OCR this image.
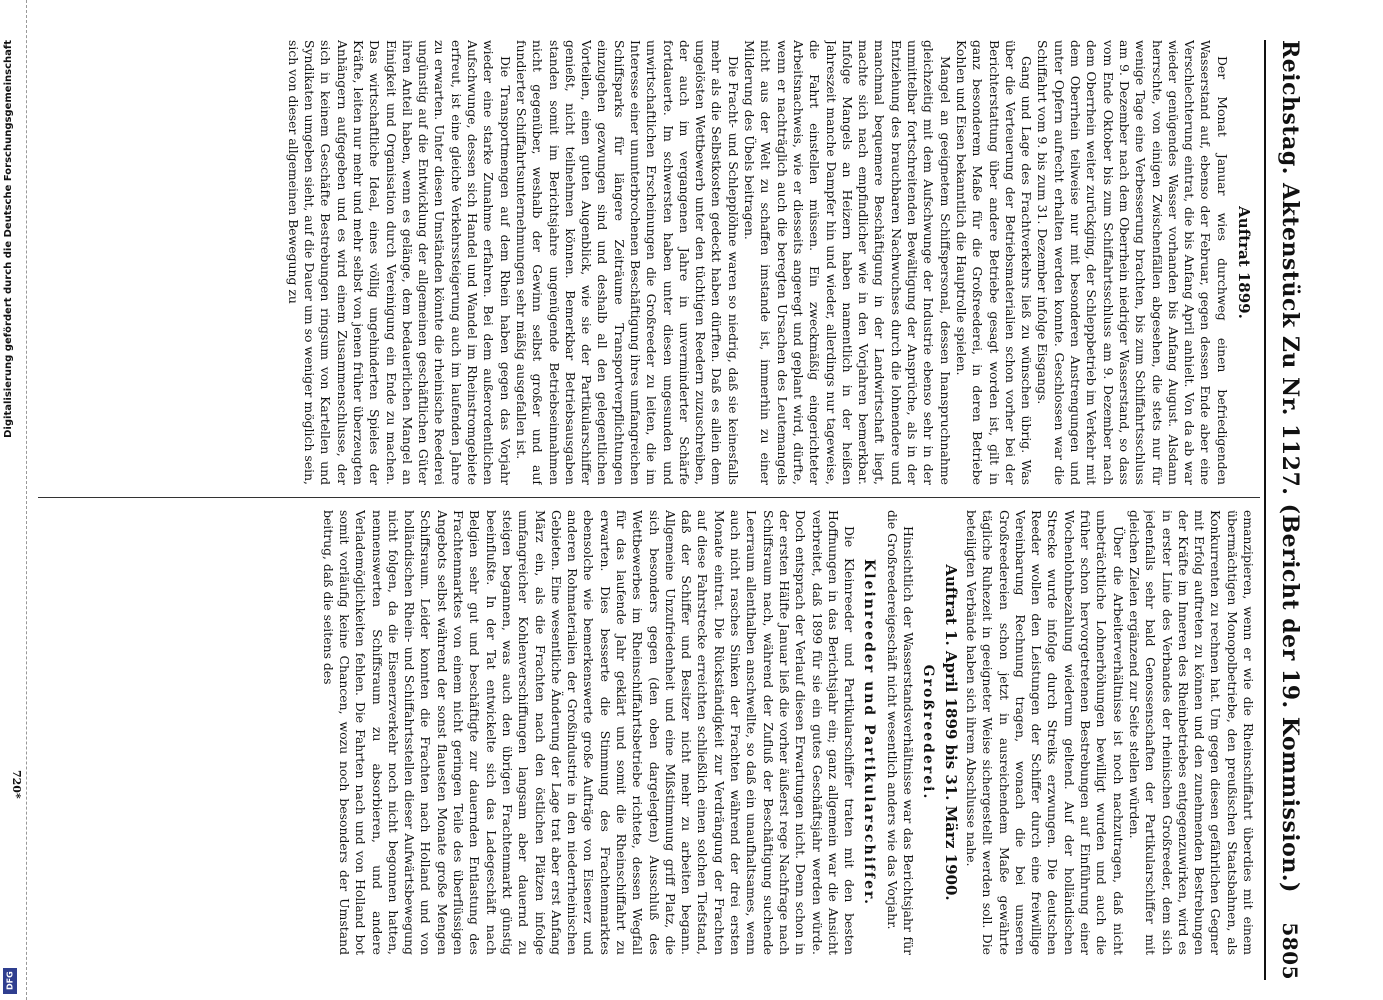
Digitalisierung gefördert durch die Deutsche Forschungsgemeinschaft
DFG
Reichstag. Aktenstück Zu Nr. 1127. (Bericht der 19. Kommission.)
5805
Auftrat 1899.

Der Monat Januar wies durchweg einen befriedigenden Wasserstand auf, ebenso der Februar, gegen dessen Ende aber eine Verschlechterung eintrat, die bis Anfang April anhielt. Von da ab war wieder genügendes Wasser vorhanden bis Anfang August. Alsdann herrschte, von einigen Zwischenfällen abgesehen, die stets nur für wenige Tage eine Verbesserung brachten, bis zum Schiffahrtsschluss am 9. Dezember nach dem Oberrhein niedriger Wasserstand, so dass vom Ende Oktober bis zum Schiffahrtsschluss am 9. Dezember nach dem Oberrhein weiter zurückging, der Schleppbetrieb im Verkehr mit dem Oberrhein teilweise nur mit besonderen Anstrengungen und unter Opfern aufrecht erhalten werden konnte. Geschlossen war die Schiffahrt vom 9. bis zum 31. Dezember infolge Eisgangs.

Gang und Lage des Frachtverkehrs ließ zu wünschen übrig. Was über die Verteuerung der Betriebsmaterialien schon vorher bei der Berichterstattung über andere Betriebe gesagt worden ist, gilt in ganz besonderem Maße für die Großreederei, in deren Betriebe Kohlen und Eisen bekanntlich die Hauptrolle spielen.

Mangel an geeignetem Schiffspersonal, dessen Inanspruchnahme gleichzeitig mit dem Aufschwunge der Industrie ebenso sehr in der unmittelbar fortschreitenden Bewältigung der Ansprüche, als in der Entziehung des brauchbaren Nachwuchses durch die lohnendere und manchmal bequemere Beschäftigung in der Landwirtschaft liegt, machte sich nach empfindlicher wie in den Vorjahren bemerkbar. Infolge Mangels an Heizern haben namentlich in der heißen Jahreszeit manche Dampfer hin und wieder, allerdings nur tageweise, die Fahrt einstellen müssen. Ein zweckmäßig eingerichteter Arbeitsnachweis, wie er diesseits angeregt und geplant wird, dürfte, wenn er nachträglich auch die beregten Ursachen des Leutemangels nicht aus der Welt zu schaffen imstande ist, immerhin zu einer Milderung des Übels beitragen.

Die Fracht- und Schlepplöhne waren so niedrig, daß sie keinesfalls mehr als die Selbstkosten gedeckt haben dürften. Daß es allein dem ungelösten Wettbewerb unter den tüchtigen Reedern zuzuschreiben, der auch im vergangenen Jahre in unverminderter Schärfe fortdauerte. Im schwersten haben unter diesen ungesunden und unwirtschaftlichen Erscheinungen die Großreeder zu leiten, die im Interesse einer ununterbrochenen Beschäftigung ihres umfangreichen Schiffsparks für längere Zeiträume Transportverpflichtungen einzugehen gezwungen sind und deshalb all den gelegentlichen Vorteilen, einen guten Augenblick, wie sie der Partikularschiffer genießt, nicht teilnehmen können. Bemerkbar Betriebsausgaben standen somit im Berichtsjahre ungenügende Betriebseinnahmen nicht gegenüber, weshalb der Gewinn selbst großer und auf fundierter Schiffahrtsunternehmungen sehr mäßig ausgefallen ist.

Die Transportmengen auf dem Rhein haben gegen das Vorjahr wieder eine starke Zunahme erfahren. Bei dem außerordentlichen Aufschwunge, dessen sich Handel und Wandel im Rheinstromgebiete erfreut, ist eine gleiche Verkehrssteigerung auch im laufenden Jahre zu erwarten. Unter diesen Umständen könnte die rheinische Reederei ungünstig auf die Entwicklung der allgemeinen geschäftlichen Güter ihren Anteil haben, wenn es gelänge, dem bedauerlichen Mangel an Einigkeit und Organisation durch Vereinigung ein Ende zu machen. Das wirtschaftliche Ideal, eines völlig ungehinderten Spieles der Kräfte, leiten nur mehr und mehr selbst von jenen früher überzeugten Anhängern aufgegeben und es wird einem Zusammenschlusse, der sich in keinem Geschäfte Bestrebungen ringsum von Kartellen und Syndikaten umgeben sieht, auf die Dauer um so weniger möglich sein, sich von dieser allgemeinen Bewegung zu

emanzipieren, wenn er wie die Rheinschiffahrt überdies mit einem übermächtigen Monopolbetriebe, den preußischen Staatsbahnen, als Konkurrenten zu rechnen hat. Um gegen diesen gefährlichen Gegner mit Erfolg auftreten zu können und den zunehmenden Bestrebungen der Kräfte im Inneren des Rheinbetriebes entgegenzuwirken, wird es in erster Linie des Verbandes der rheinischen Großreeder, dem sich jedenfalls sehr bald Genossenschaften der Partikularschiffer mit gleichen Zielen ergänzend zur Seite stellen würden.

Über die Arbeiterverhältnisse ist noch nachzutragen, daß nicht unbeträchtliche Lohnerhöhungen bewilligt wurden und auch die früher schon hervorgetretenen Bestrebungen auf Einführung einer Wochenlohnbezahlung wiederum geltend. Auf der holländischen Strecke wurde infolge durch Streiks erzwungen. Die deutschen Reeder wollen den Leistungen der Schiffer durch eine freiwillige Vereinbarung Rechnung tragen, wonach die bei unseren Großreedereien schon jetzt in ausreichendem Maße gewährte tägliche Ruhezeit in geeigneter Weise sichergestellt werden soll. Die beteiligten Verbände haben sich ihrem Abschlusse nahe.

Auftrat 1. April 1899 bis 31. März 1900.
Großreederei.

Hinsichtlich der Wasserstandsverhältnisse war das Berichtsjahr für die Großreedereigeschäft nicht wesentlich anders wie das Vorjahr.

Kleinreeder und Partikularschiffer.

Die Kleinreeder und Partikularschiffer traten mit den besten Hoffnungen in das Berichtsjahr ein; ganz allgemein war die Ansicht verbreitet, daß 1899 für sie ein gutes Geschäftsjahr werden würde. Doch entsprach der Verlauf diesen Erwartungen nicht. Denn schon in der ersten Hälfte Januar ließ die vorher äußerst rege Nachfrage nach Schiffsraum nach, während der Zufluß der Beschäftigung suchende Leerraum allenthalben anschwellte, so daß ein unaufhaltsames, wenn auch nicht rasches Sinken der Frachten während der drei ersten Monate eintrat. Die Rückständigkeit zur Verdrängung der Frachten auf diese Fahrstrecke erreichten schließlich einen solchen Tiefstand, daß der Schiffer und Besitzer nicht mehr zu arbeiten begann. Allgemeine Unzufriedenheit und eine Mißstimmung griff Platz, die sich besonders gegen (den oben dargelegten) Ausschluß des Wettbewerbes im Rheinschiffahrtsbetriebe richtete, dessen Wegfall für das laufende Jahr geklärt und somit die Rheinschiffahrt zu erwarten. Dies besserte die Stimmung des Frachtenmarktes ebensolche wie bemerkenswerte große Aufträge von Eisenerz und anderen Rohmaterialien der Großindustrie in den niederrheinischen Gebieten. Eine wesentliche Änderung der Lage trat aber erst Anfang März ein, als die Frachten nach den östlichen Plätzen infolge umfangreicher Kohlenverschiffungen langsam aber dauernd zu steigen begannen, was auch den übrigen Frachtenmarkt günstig beeinflußte. In der Tat entwickelte sich das Ladegeschäft nach Belgien sehr gut und beschäftigte zur dauernden Entlastung des Frachtenmarktes von einem nicht geringen Teile des überflüssigen Angebots selbst während der sonst flauesten Monate große Mengen Schiffsraum. Leider konnten die Frachten nach Holland und von holländischen Rhein- und Schiffahrtsstellen dieser Aufwärtsbewegung nicht folgen, da die Eisenerzverkehr noch nicht begonnen hatten, nennenswerten Schiffsraum zu absorbieren, und andere Verlademöglichkeiten fehlen. Die Fahrten nach und von Holland bot somit vorläufig keine Chancen, wozu noch besonders der Umstand beitrug, daß die seitens des

720*
